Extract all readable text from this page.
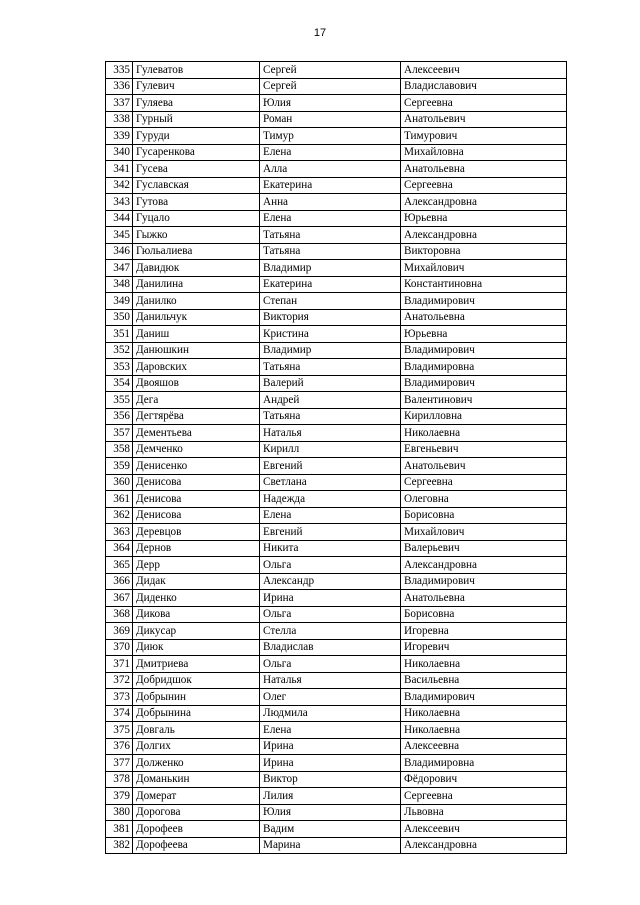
17
335	Гулеватов	Сергей	Алексеевич
336	Гулевич	Сергей	Владиславович
337	Гуляева	Юлия	Сергеевна
338	Гурный	Роман	Анатольевич
339	Гуруди	Тимур	Тимурович
340	Гусаренкова	Елена	Михайловна
341	Гусева	Алла	Анатольевна
342	Гуславская	Екатерина	Сергеевна
343	Гутова	Анна	Александровна
344	Гуцало	Елена	Юрьевна
345	Гыжко	Татьяна	Александровна
346	Гюльалиева	Татьяна	Викторовна
347	Давидюк	Владимир	Михайлович
348	Данилина	Екатерина	Константиновна
349	Данилко	Степан	Владимирович
350	Данильчук	Виктория	Анатольевна
351	Даниш	Кристина	Юрьевна
352	Данюшкин	Владимир	Владимирович
353	Даровских	Татьяна	Владимировна
354	Двояшов	Валерий	Владимирович
355	Дега	Андрей	Валентинович
356	Дегтярёва	Татьяна	Кирилловна
357	Дементьева	Наталья	Николаевна
358	Демченко	Кирилл	Евгеньевич
359	Денисенко	Евгений	Анатольевич
360	Денисова	Светлана	Сергеевна
361	Денисова	Надежда	Олеговна
362	Денисова	Елена	Борисовна
363	Деревцов	Евгений	Михайлович
364	Дернов	Никита	Валерьевич
365	Дерр	Ольга	Александровна
366	Дидак	Александр	Владимирович
367	Диденко	Ирина	Анатольевна
368	Дикова	Ольга	Борисовна
369	Дикусар	Стелла	Игоревна
370	Диюк	Владислав	Игоревич
371	Дмитриева	Ольга	Николаевна
372	Добридшок	Наталья	Васильевна
373	Добрынин	Олег	Владимирович
374	Добрынина	Людмила	Николаевна
375	Довгаль	Елена	Николаевна
376	Долгих	Ирина	Алексеевна
377	Долженко	Ирина	Владимировна
378	Доманькин	Виктор	Фёдорович
379	Домерат	Лилия	Сергеевна
380	Дорогова	Юлия	Львовна
381	Дорофеев	Вадим	Алексеевич
382	Дорофеева	Марина	Александровна
